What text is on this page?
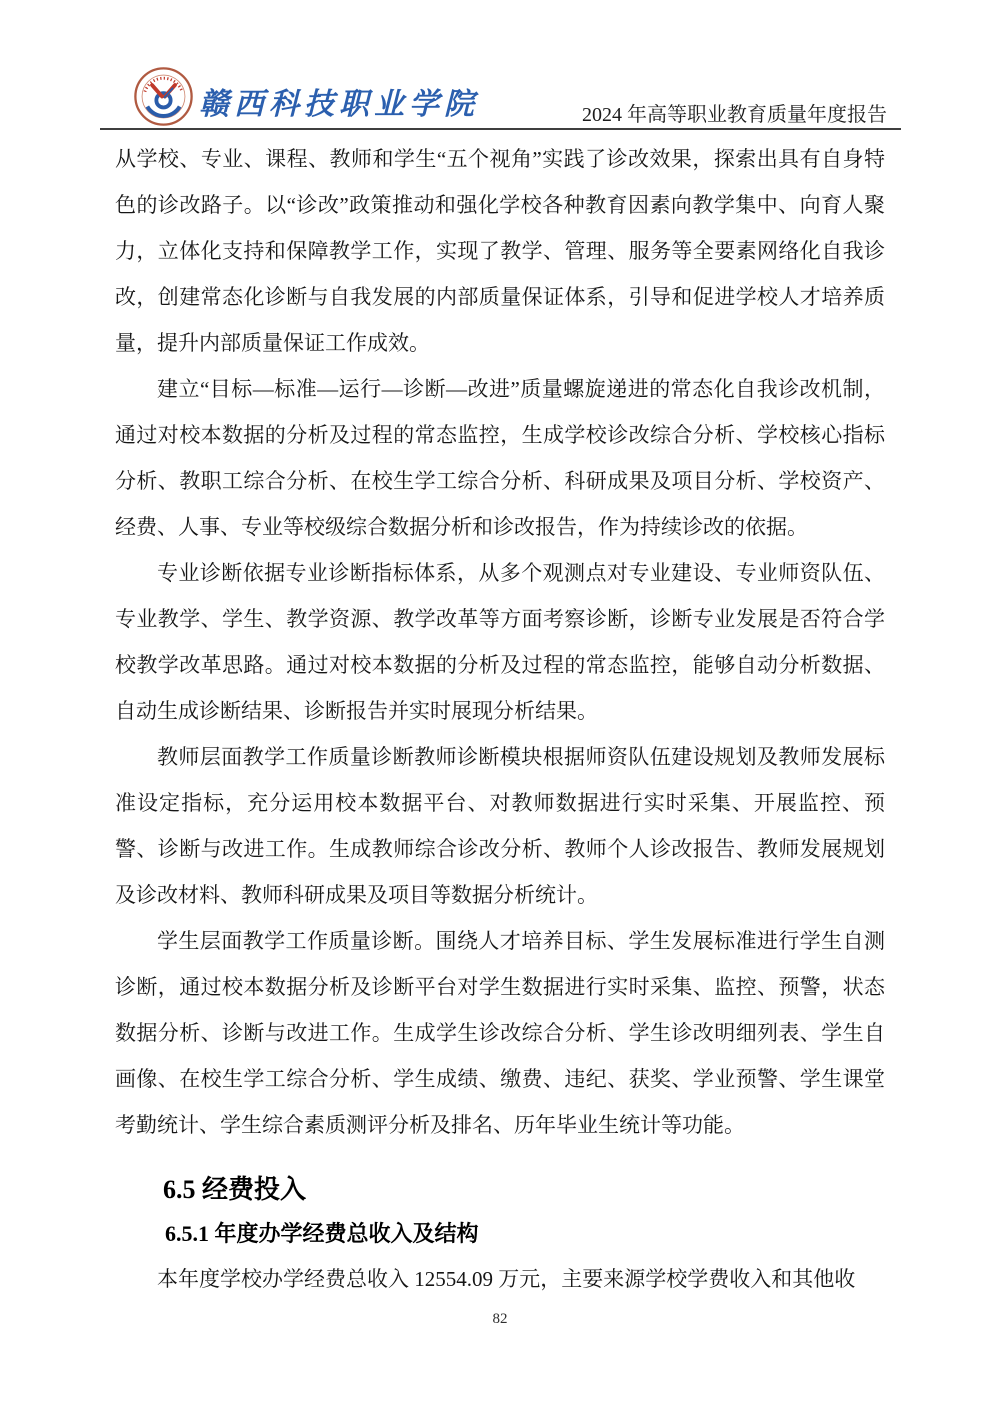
赣西科技职业学院	2024 年高等职业教育质量年度报告

从学校、专业、课程、教师和学生“五个视角”实践了诊改效果，探索出具有自身特色的诊改路子。以“诊改”政策推动和强化学校各种教育因素向教学集中、向育人聚力，立体化支持和保障教学工作，实现了教学、管理、服务等全要素网络化自我诊改，创建常态化诊断与自我发展的内部质量保证体系，引导和促进学校人才培养质量，提升内部质量保证工作成效。

建立“目标—标准—运行—诊断—改进”质量螺旋递进的常态化自我诊改机制，通过对校本数据的分析及过程的常态监控，生成学校诊改综合分析、学校核心指标分析、教职工综合分析、在校生学工综合分析、科研成果及项目分析、学校资产、经费、人事、专业等校级综合数据分析和诊改报告，作为持续诊改的依据。

专业诊断依据专业诊断指标体系，从多个观测点对专业建设、专业师资队伍、专业教学、学生、教学资源、教学改革等方面考察诊断，诊断专业发展是否符合学校教学改革思路。通过对校本数据的分析及过程的常态监控，能够自动分析数据、自动生成诊断结果、诊断报告并实时展现分析结果。

教师层面教学工作质量诊断教师诊断模块根据师资队伍建设规划及教师发展标准设定指标，充分运用校本数据平台、对教师数据进行实时采集、开展监控、预警、诊断与改进工作。生成教师综合诊改分析、教师个人诊改报告、教师发展规划及诊改材料、教师科研成果及项目等数据分析统计。

学生层面教学工作质量诊断。围绕人才培养目标、学生发展标准进行学生自测诊断，通过校本数据分析及诊断平台对学生数据进行实时采集、监控、预警，状态数据分析、诊断与改进工作。生成学生诊改综合分析、学生诊改明细列表、学生自画像、在校生学工综合分析、学生成绩、缴费、违纪、获奖、学业预警、学生课堂考勤统计、学生综合素质测评分析及排名、历年毕业生统计等功能。

6.5 经费投入
6.5.1 年度办学经费总收入及结构

本年度学校办学经费总收入 12554.09 万元，主要来源学校学费收入和其他收

82
